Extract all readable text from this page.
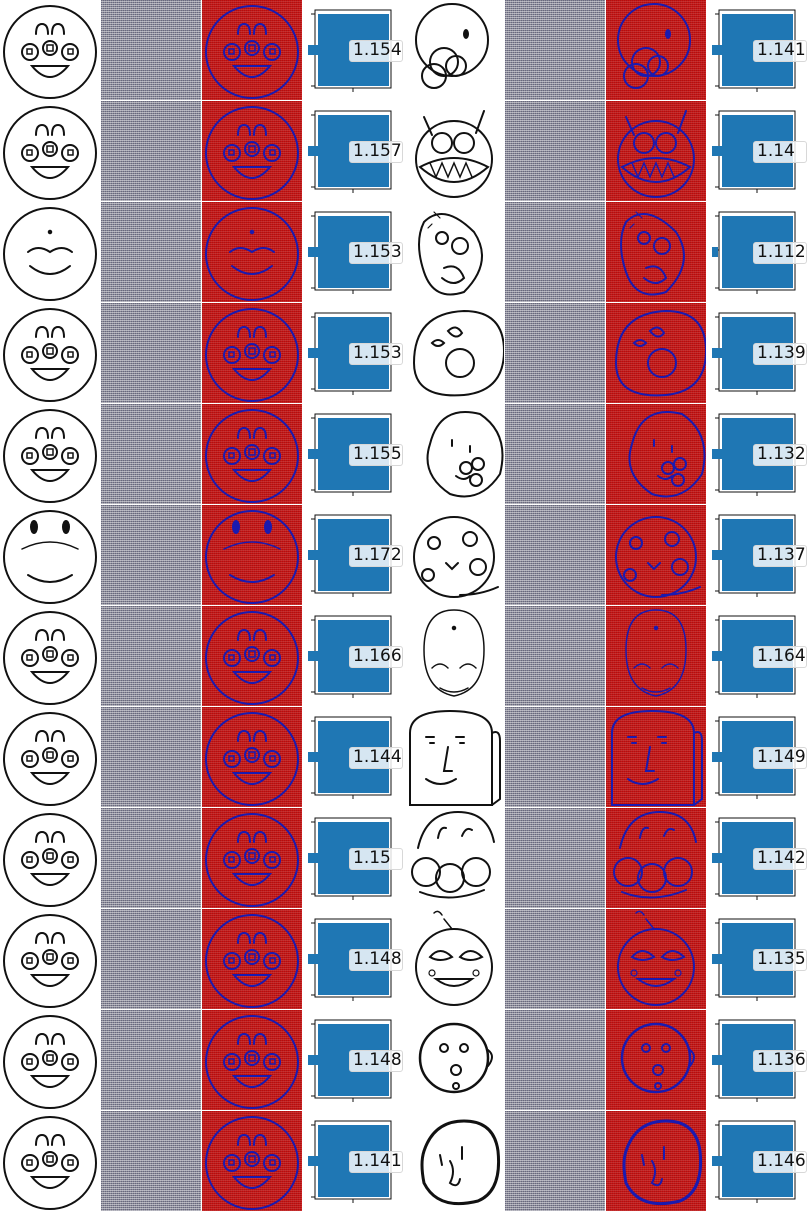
1.154	1.141
1.157	1.14
1.153	1.112
1.153	1.139
1.155	1.132
1.172	1.137
1.166	1.164
1.144	1.149
1.15	1.142
1.148	1.135
1.148	1.136
1.141	1.146
